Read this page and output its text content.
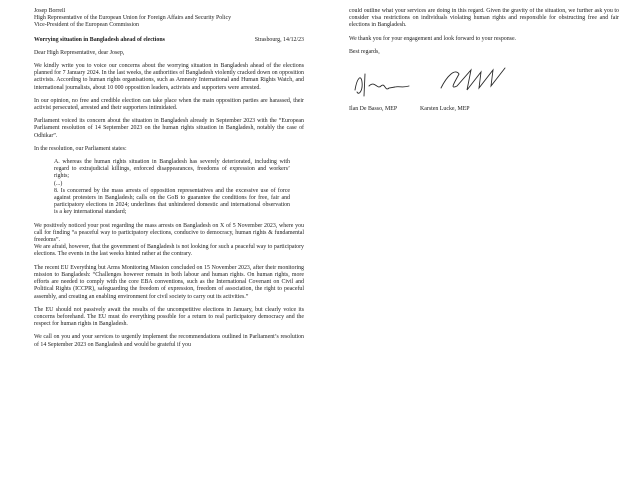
Josep Borrell

High Representative of the European Union for Foreign Affairs and Security Policy

Vice-President of the European Commission

Worrying situation in Bangladesh ahead of elections	Strasbourg, 14/12/23

Dear High Representative, dear Josep,

We kindly write you to voice our concerns about the worrying situation in Bangladesh ahead of the elections planned for 7 January 2024. In the last weeks, the authorities of Bangladesh violently cracked down on opposition activists. According to human rights organisations, such as Amnesty International and Human Rights Watch, and international journalists, about 10 000 opposition leaders, activists and supporters were arrested.

In our opinion, no free and credible election can take place when the main opposition parties are harassed, their activist persecuted, arrested and their supporters intimidated.

Parliament voiced its concern about the situation in Bangladesh already in September 2023 with the “European Parliament resolution of 14 September 2023 on the human rights situation in Bangladesh, notably the case of Odhikar”.

In the resolution, our Parliament states:

A. whereas the human rights situation in Bangladesh has severely deteriorated, including with regard to extrajudicial killings, enforced disappearances, freedoms of expression and workers’ rights;

(...)

8. Is concerned by the mass arrests of opposition representatives and the excessive use of force against protesters in Bangladesh; calls on the GoB to guarantee the conditions for free, fair and participatory elections in 2024; underlines that unhindered domestic and international observation is a key international standard;

We positively noticed your post regarding the mass arrests on Bangladesh on X of 5 November 2023, where you call for finding “a peaceful way to participatory elections, conducive to democracy, human rights & fundamental freedoms”.

We are afraid, however, that the government of Bangladesh is not looking for such a peaceful way to participatory elections. The events in the last weeks hinted rather at the contrary.

The recent EU Everything but Arms Monitoring Mission concluded on 15 November 2023, after their monitoring mission to Bangladesh: “Challenges however remain in both labour and human rights. On human rights, more efforts are needed to comply with the core EBA conventions, such as the International Covenant on Civil and Political Rights (ICCPR), safeguarding the freedom of expression, freedom of association, the right to peaceful assembly, and creating an enabling environment for civil society to carry out its activities.”

The EU should not passively await the results of the uncompetitive elections in January, but clearly voice its concerns beforehand. The EU must do everything possible for a return to real participatory democracy and the respect for human rights in Bangladesh.

We call on you and your services to urgently implement the recommendations outlined in Parliament’s resolution of 14 September 2023 on Bangladesh and would be grateful if you

could outline what your services are doing in this regard. Given the gravity of the situation, we further ask you to consider visa restrictions on individuals violating human rights and responsible for obstructing free and fair elections in Bangladesh.

We thank you for your engagement and look forward to your response.

Best regards,

Ilan De Basso, MEP	Karsten Lucke, MEP
